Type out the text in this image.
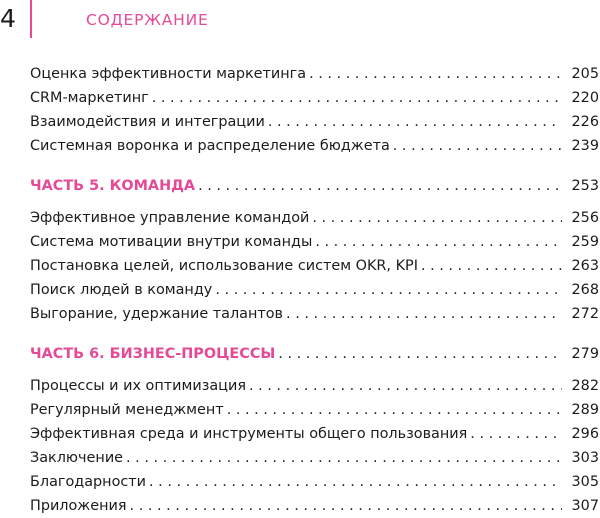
4	СОДЕРЖАНИЕ
Оценка эффективности маркетинга . . .	205
CRM-маркетинг . . .	220
Взаимодействия и интеграции . . .	226
Системная воронка и распределение бюджета . . .	239
ЧАСТЬ 5. КОМАНДА . . .	253
Эффективное управление командой . . .	256
Система мотивации внутри команды . . .	259
Постановка целей, использование систем OKR, KPI . . .	263
Поиск людей в команду . . .	268
Выгорание, удержание талантов . . .	272
ЧАСТЬ 6. БИЗНЕС-ПРОЦЕССЫ . . .	279
Процессы и их оптимизация . . .	282
Регулярный менеджмент . . .	289
Эффективная среда и инструменты общего пользования . . .	296
Заключение . . .	303
Благодарности . . .	305
Приложения . . .	307
